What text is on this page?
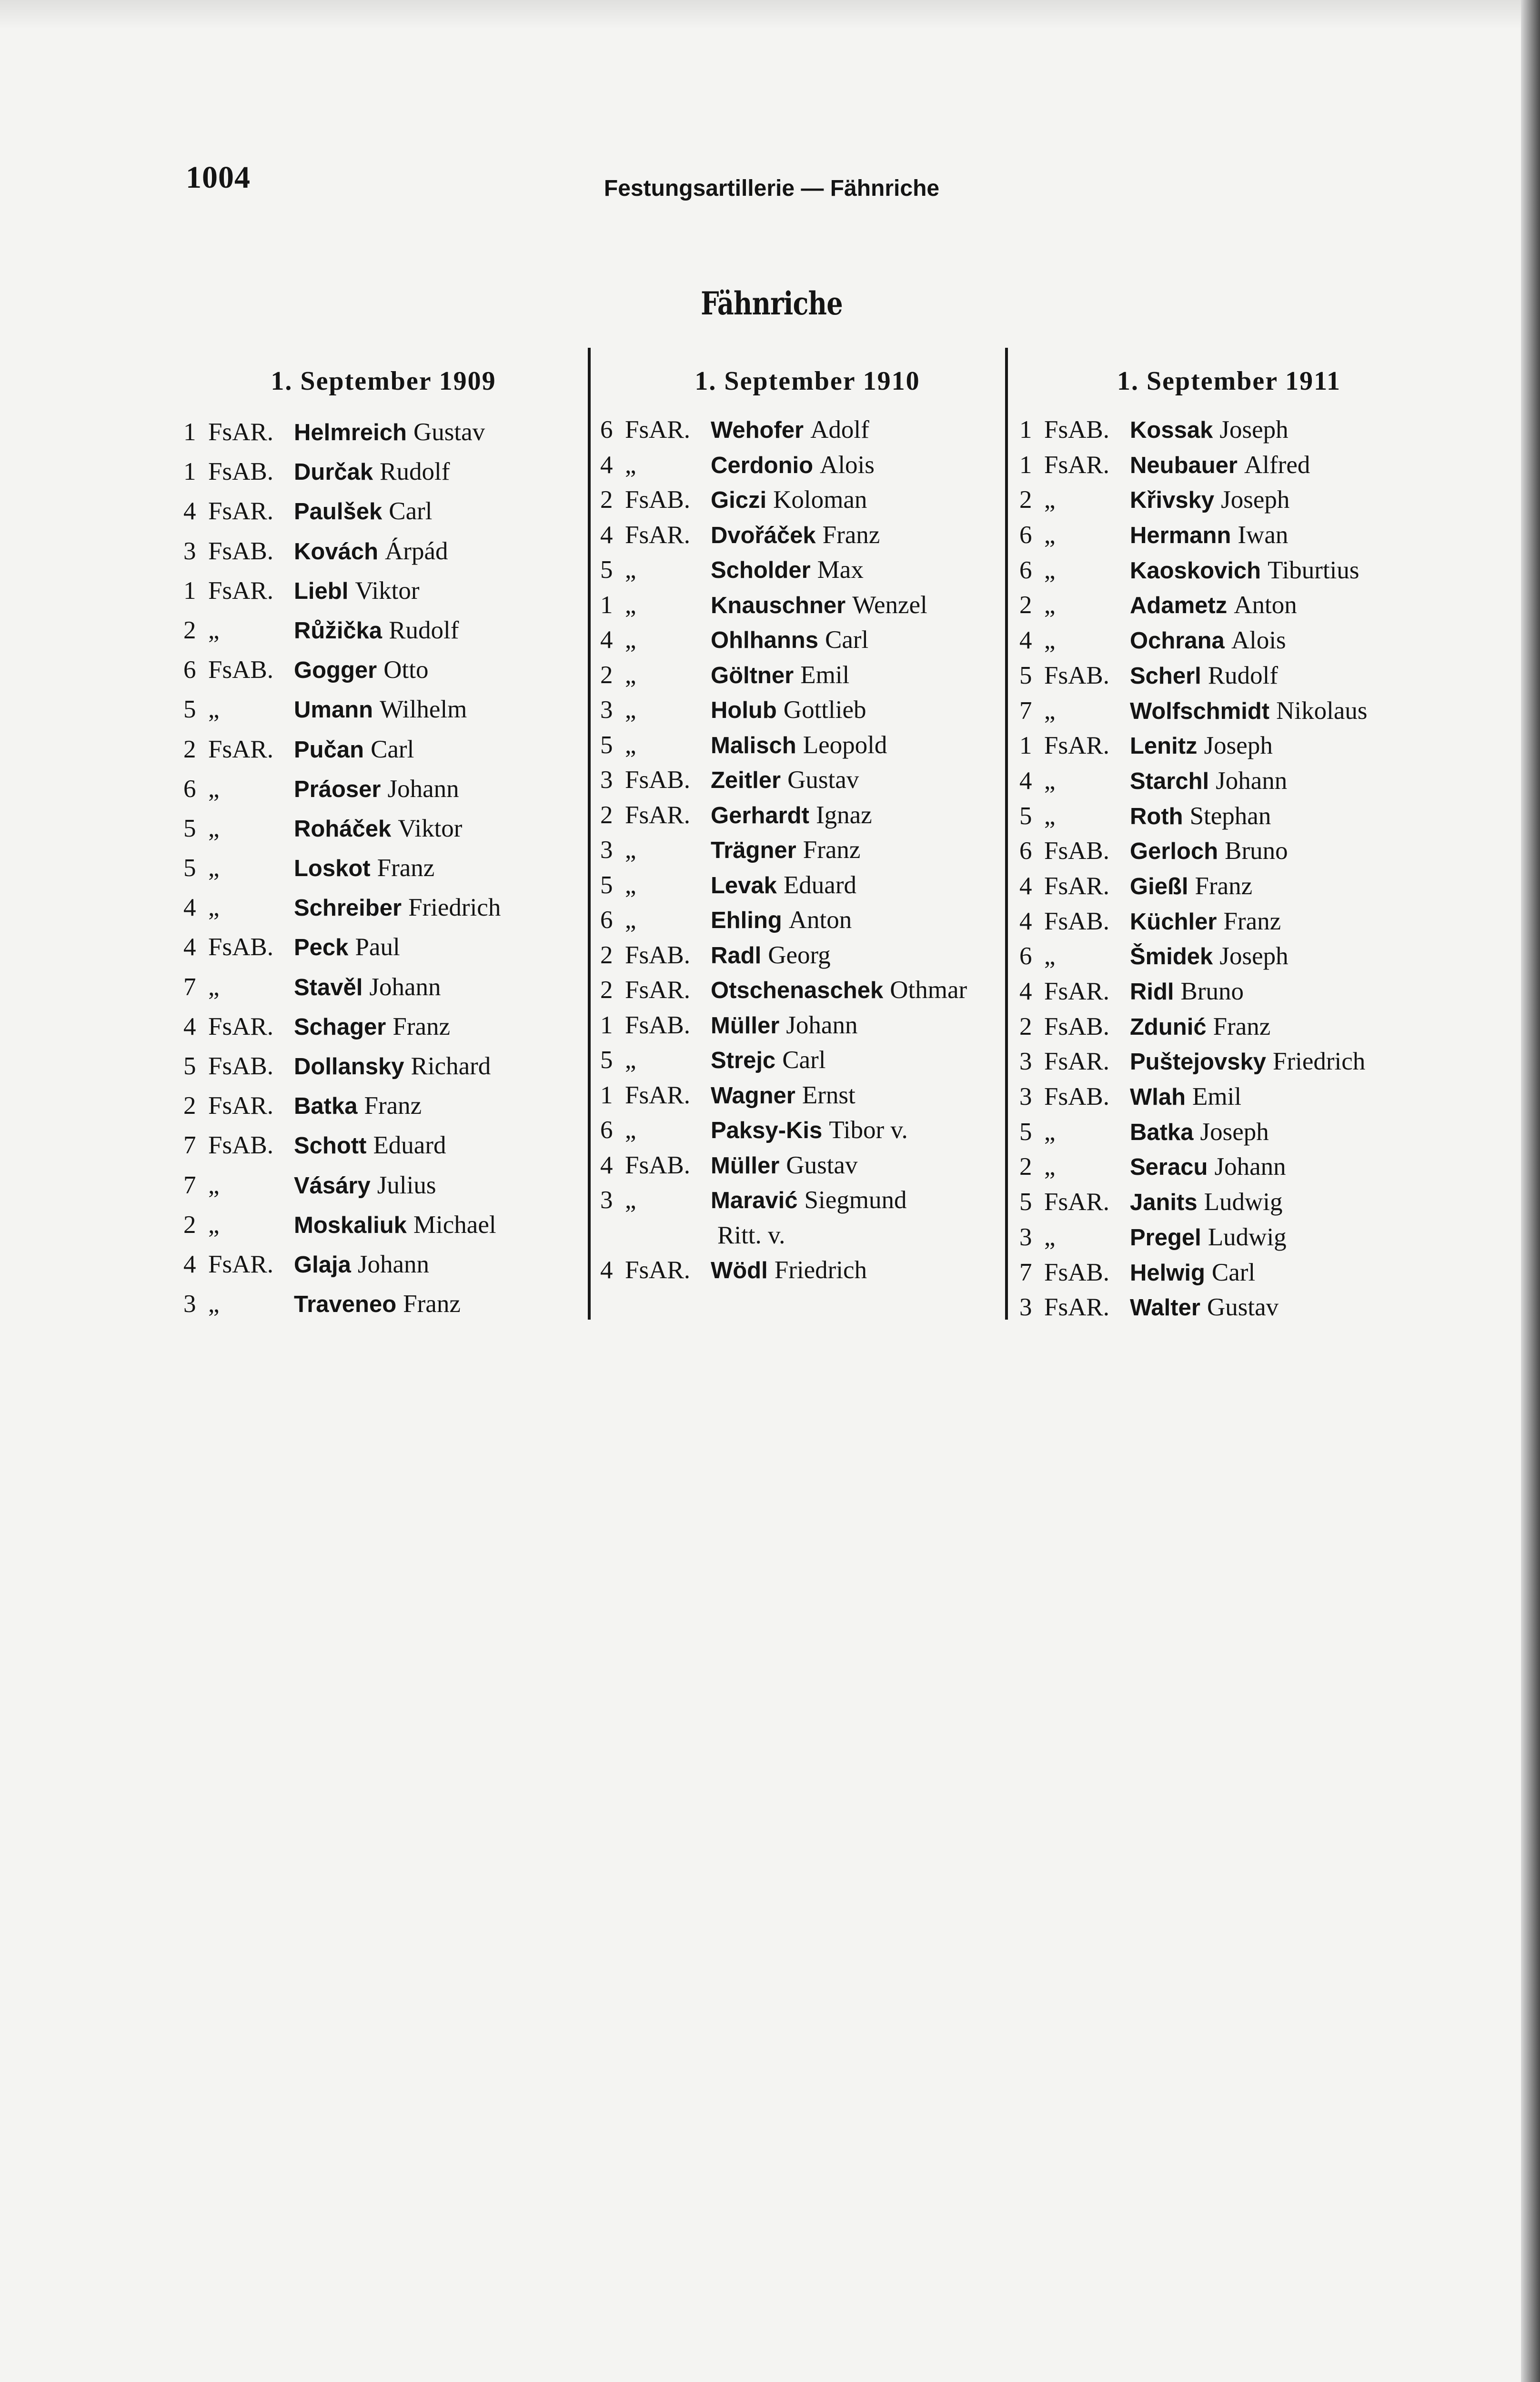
1004	Festungsartillerie — Fähnriche
Fähnriche
1. September 1909
1 FsAR. Helmreich Gustav
1 FsAB. Durčak Rudolf
4 FsAR. Paulšek Carl
3 FsAB. Kovách Árpád
1 FsAR. Liebl Viktor
2 „	Růžička Rudolf
6 FsAB. Gogger Otto
5 „	Umann Wilhelm
2 FsAR. Pučan Carl
6 „	Práoser Johann
5 „	Roháček Viktor
5 „	Loskot Franz
4 „	Schreiber Friedrich
4 FsAB. Peck Paul
7 „	Stavěl Johann
4 FsAR. Schager Franz
5 FsAB. Dollansky Richard
2 FsAR. Batka Franz
7 FsAB. Schott Eduard
7 „	Vásáry Julius
2 „	Moskaliuk Michael
4 FsAR. Glaja Johann
3 „	Traveneo Franz
1. September 1910
6 FsAR. Wehofer Adolf
4 „	Cerdonio Alois
2 FsAB. Giczi Koloman
4 FsAR. Dvořáček Franz
5 „	Scholder Max
1 „	Knauschner Wenzel
4 „	Ohlhanns Carl
2 „	Göltner Emil
3 „	Holub Gottlieb
5 „	Malisch Leopold
3 FsAB. Zeitler Gustav
2 FsAR. Gerhardt Ignaz
3 „	Trägner Franz
5 „	Levak Eduard
6 „	Ehling Anton
2 FsAB. Radl Georg
2 FsAR. Otschenaschek Othmar
1 FsAB. Müller Johann
5 „	Strejc Carl
1 FsAR. Wagner Ernst
6 „	Paksy-Kis Tibor v.
4 FsAB. Müller Gustav
3 „	Maravić Siegmund
Ritt. v.
4 FsAR. Wödl Friedrich
1. September 1911
1 FsAB. Kossak Joseph
1 FsAR. Neubauer Alfred
2 „	Křivsky Joseph
6 „	Hermann Iwan
6 „	Kaoskovich Tiburtius
2 „	Adametz Anton
4 „	Ochrana Alois
5 FsAB. Scherl Rudolf
7 „	Wolfschmidt Nikolaus
1 FsAR. Lenitz Joseph
4 „	Starchl Johann
5 „	Roth Stephan
6 FsAB. Gerloch Bruno
4 FsAR. Gießl Franz
4 FsAB. Küchler Franz
6 „	Šmidek Joseph
4 FsAR. Ridl Bruno
2 FsAB. Zdunić Franz
3 FsAR. Puštejovsky Friedrich
3 FsAB. Wlah Emil
5 „	Batka Joseph
2 „	Seracu Johann
5 FsAR. Janits Ludwig
3 „	Pregel Ludwig
7 FsAB. Helwig Carl
3 FsAR. Walter Gustav
